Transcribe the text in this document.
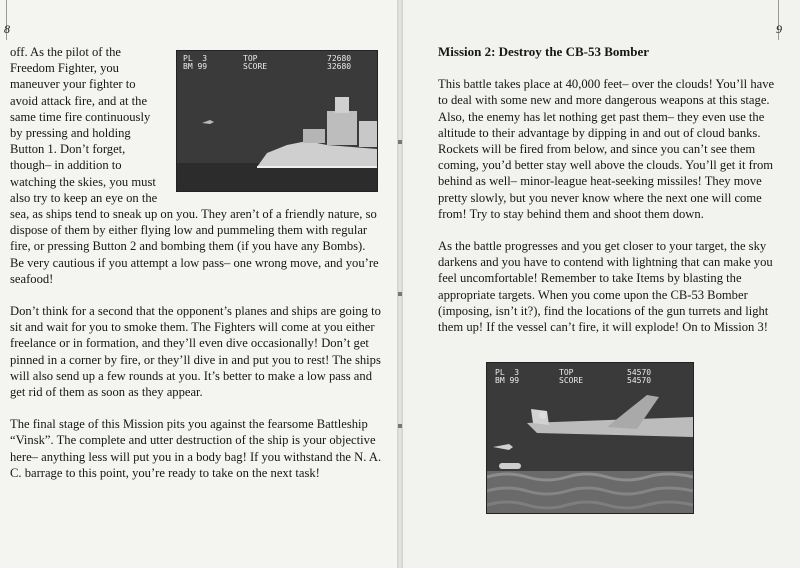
8	9

off. As the pilot of the Freedom Fighter, you maneuver your fighter to avoid attack fire, and at the same time fire continuously by pressing and holding Button 1. Don’t forget, though– in addition to watching the skies, you must also try to keep an eye on the sea, as ships tend to sneak up on you. They aren’t of a friendly nature, so dispose of them by either flying low and pummeling them with regular fire, or pressing Button 2 and bombing them (if you have any Bombs). Be very cautious if you attempt a low pass– one wrong move, and you’re seafood!

Don’t think for a second that the opponent’s planes and ships are going to sit and wait for you to smoke them. The Fighters will come at you either freelance or in formation, and they’ll even dive occasionally! Don’t get pinned in a corner by fire, or they’ll dive in and put you to rest! The ships will also send up a few rounds at you. It’s better to make a low pass and get rid of them as soon as they appear.

The final stage of this Mission pits you against the fearsome Battleship “Vinsk”. The complete and utter destruction of the ship is your objective here– anything less will put you in a body bag! If you withstand the N. A. C. barrage to this point, you’re ready to take on the next task!

PL  3
BM 99
TOP
SCORE
72680
32680
Mission 2: Destroy the CB-53 Bomber

This battle takes place at 40,000 feet– over the clouds! You’ll have to deal with some new and more dangerous weapons at this stage. Also, the enemy has let nothing get past them– they even use the altitude to their advantage by dipping in and out of cloud banks. Rockets will be fired from below, and since you can’t see them coming, you’d better stay well above the clouds. You’ll get it from behind as well– minor-league heat-seeking missiles! They move pretty slowly, but you never know where the next one will come from! Try to stay behind them and shoot them down.

As the battle progresses and you get closer to your target, the sky darkens and you have to contend with lightning that can make you feel uncomfortable! Remember to take Items by blasting the appropriate targets. When you come upon the CB-53 Bomber (imposing, isn’t it?), find the locations of the gun turrets and light them up! If the vessel can’t fire, it will explode! On to Mission 3!

PL  3
BM 99
TOP
SCORE
54570
54570
